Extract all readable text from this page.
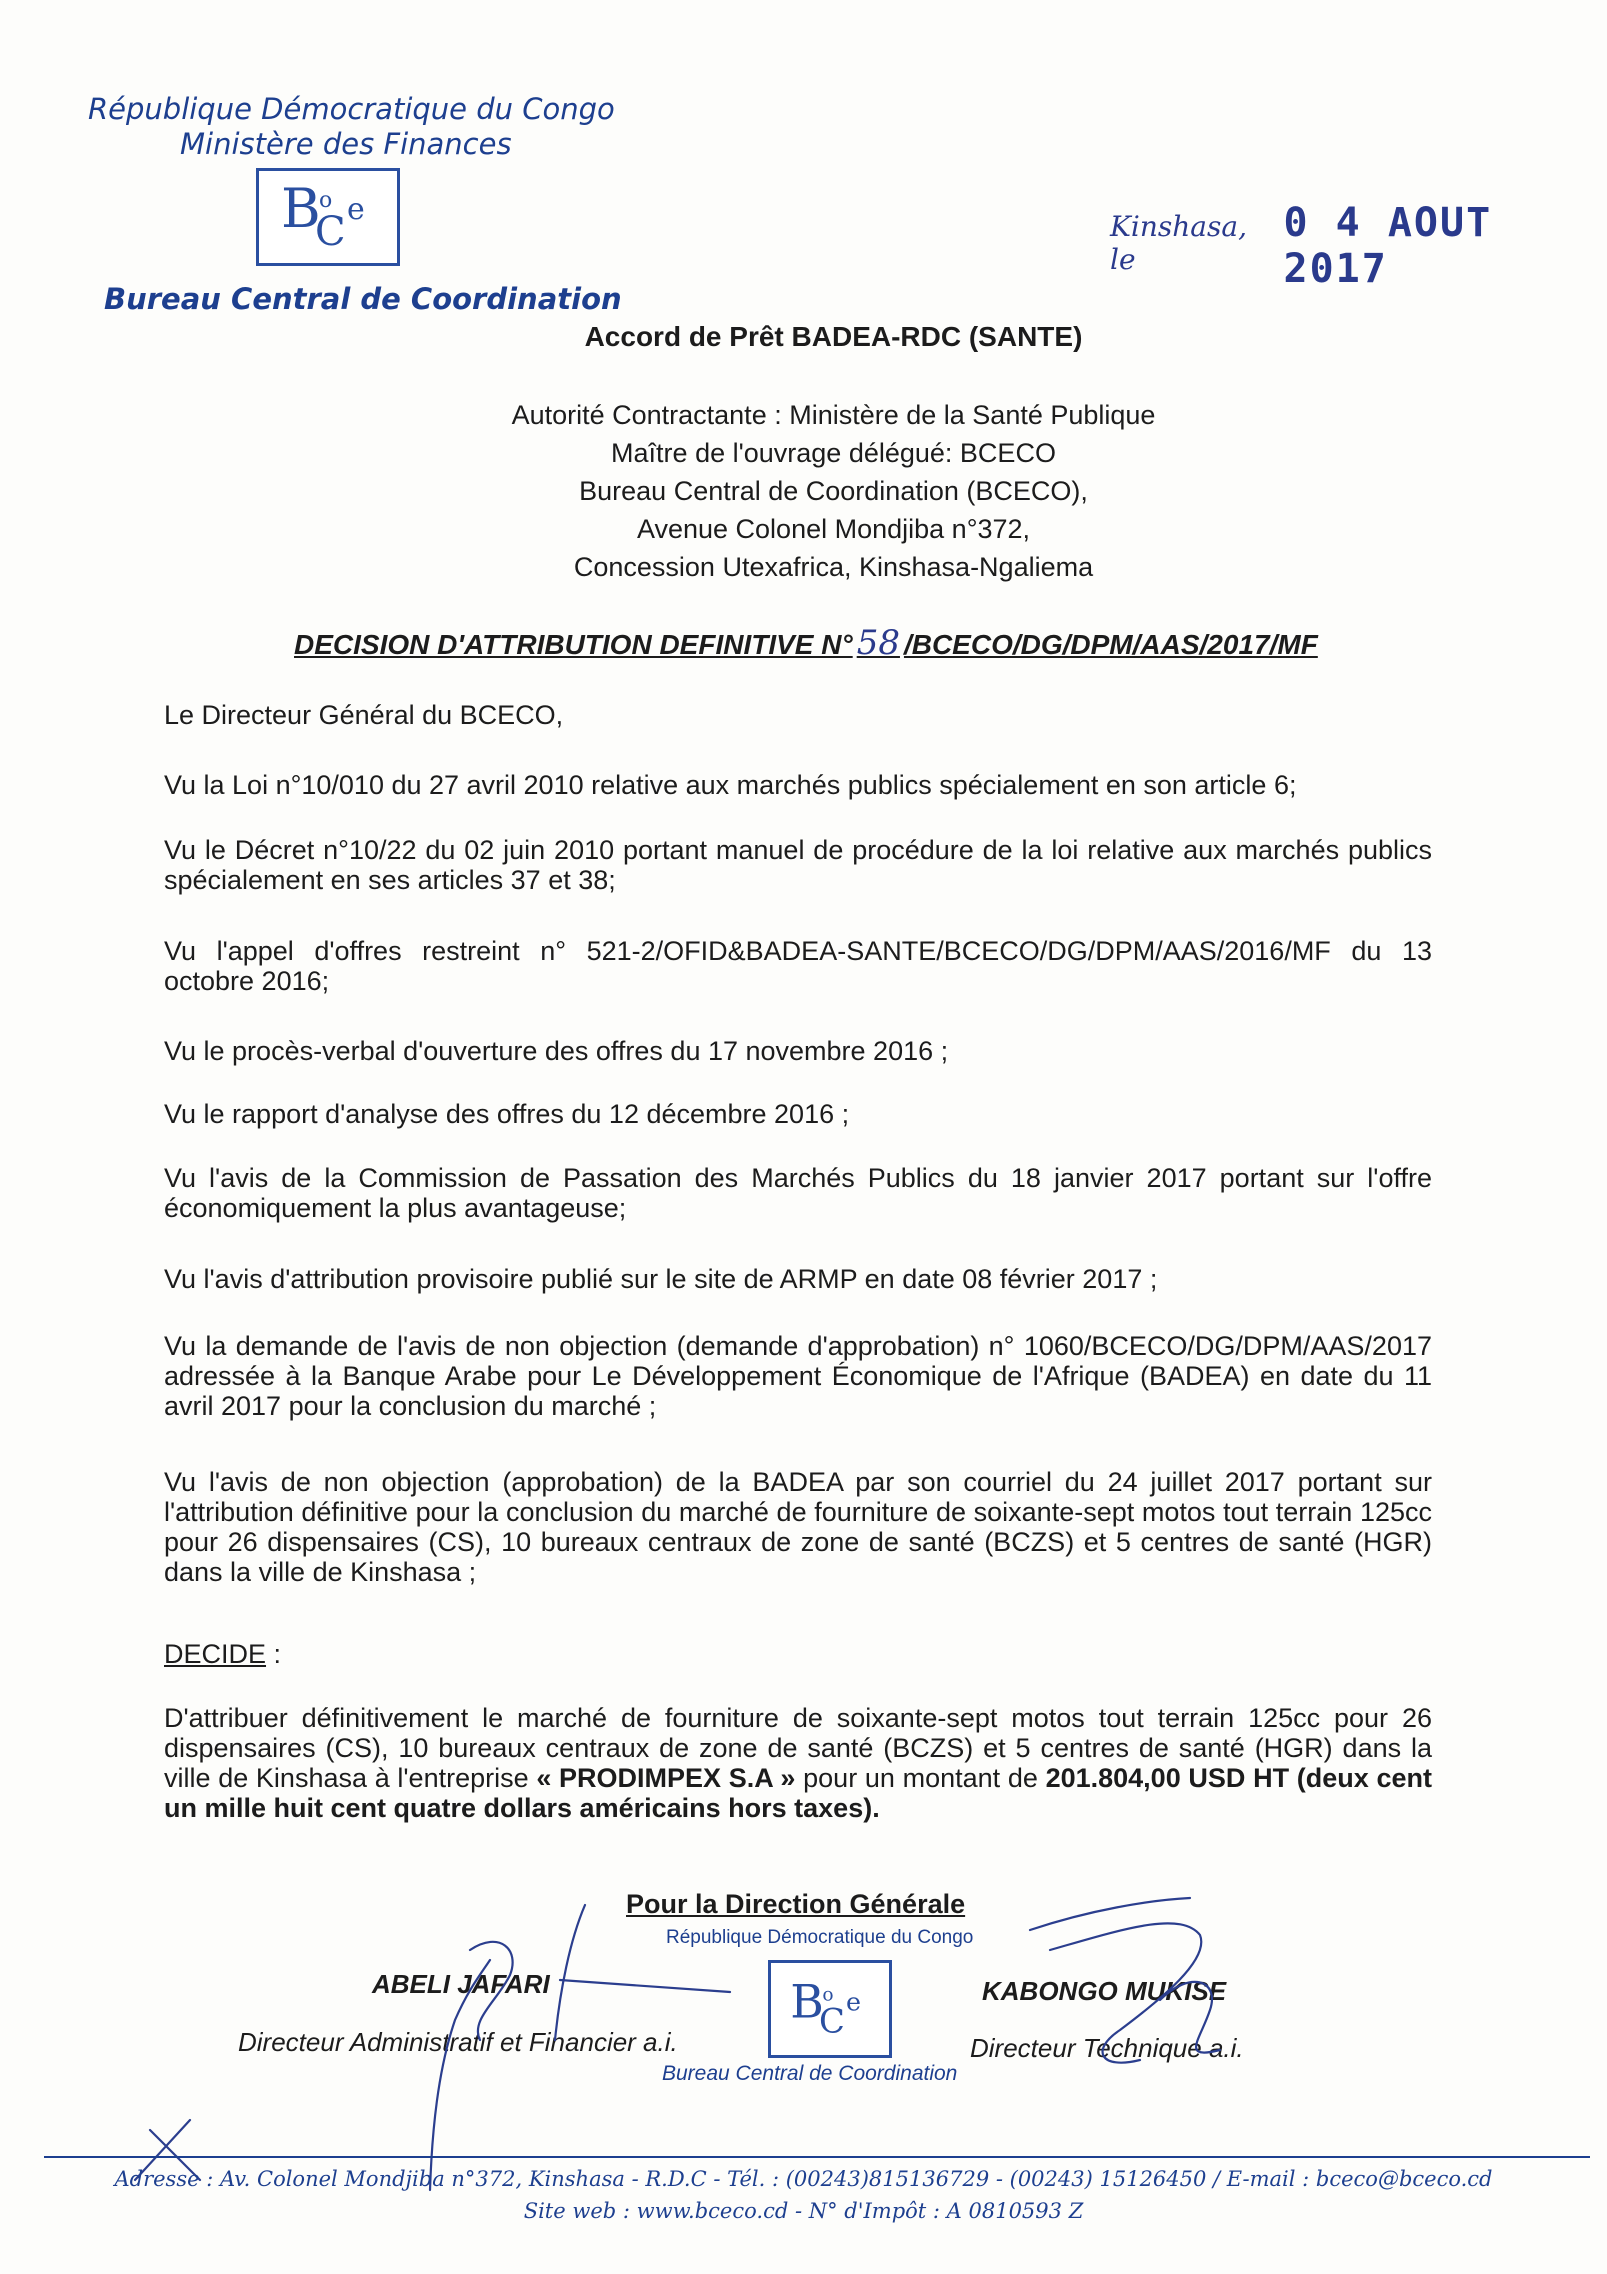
République Démocratique du Congo
Ministère des Finances
B
C e
o
Kinshasa, le
0 4 AOUT 2017
Bureau Central de Coordination
Accord de Prêt BADEA-RDC (SANTE)
Autorité Contractante : Ministère de la Santé Publique
Maître de l'ouvrage délégué: BCECO
Bureau Central de Coordination (BCECO),
Avenue Colonel Mondjiba n°372,
Concession Utexafrica, Kinshasa-Ngaliema
DECISION D'ATTRIBUTION DEFINITIVE N° 58 /BCECO/DG/DPM/AAS/2017/MF
Le Directeur Général du BCECO,
Vu la Loi n°10/010 du 27 avril 2010 relative aux marchés publics spécialement en son article 6;
Vu le Décret n°10/22 du 02 juin 2010 portant manuel de procédure de la loi relative aux marchés publics spécialement en ses articles 37 et 38;
Vu l'appel d'offres restreint n° 521-2/OFID&BADEA-SANTE/BCECO/DG/DPM/AAS/2016/MF du 13 octobre 2016;
Vu le procès-verbal d'ouverture des offres du 17 novembre 2016 ;
Vu le rapport d'analyse des offres du 12 décembre 2016 ;
Vu l'avis de la Commission de Passation des Marchés Publics du 18 janvier 2017 portant sur l'offre économiquement la plus avantageuse;
Vu l'avis d'attribution provisoire publié sur le site de ARMP en date 08 février 2017 ;
Vu la demande de l'avis de non objection (demande d'approbation) n° 1060/BCECO/DG/DPM/AAS/2017 adressée à la Banque Arabe pour Le Développement Économique de l'Afrique (BADEA) en date du 11 avril 2017 pour la conclusion du marché ;
Vu l'avis de non objection (approbation) de la BADEA par son courriel du 24 juillet 2017 portant sur l'attribution définitive pour la conclusion du marché de fourniture de soixante-sept motos tout terrain 125cc pour 26 dispensaires (CS), 10 bureaux centraux de zone de santé (BCZS) et 5 centres de santé (HGR) dans la ville de Kinshasa ;
DECIDE :
D'attribuer définitivement le marché de fourniture de soixante-sept motos tout terrain 125cc pour 26 dispensaires (CS), 10 bureaux centraux de zone de santé (BCZS) et 5 centres de santé (HGR) dans la ville de Kinshasa à l'entreprise « PRODIMPEX S.A » pour un montant de 201.804,00 USD HT (deux cent un mille huit cent quatre dollars américains hors taxes).
Pour la Direction Générale
République Démocratique du Congo
B
C e
o
Bureau Central de Coordination
ABELI JAFARI
Directeur Administratif et Financier a.i.
KABONGO MUKISE
Directeur Technique a.i.
Adresse : Av. Colonel Mondjiba n°372, Kinshasa - R.D.C - Tél. : (00243)815136729 - (00243) 15126450 / E-mail : bceco@bceco.cd
Site web : www.bceco.cd - N° d'Impôt : A 0810593 Z
